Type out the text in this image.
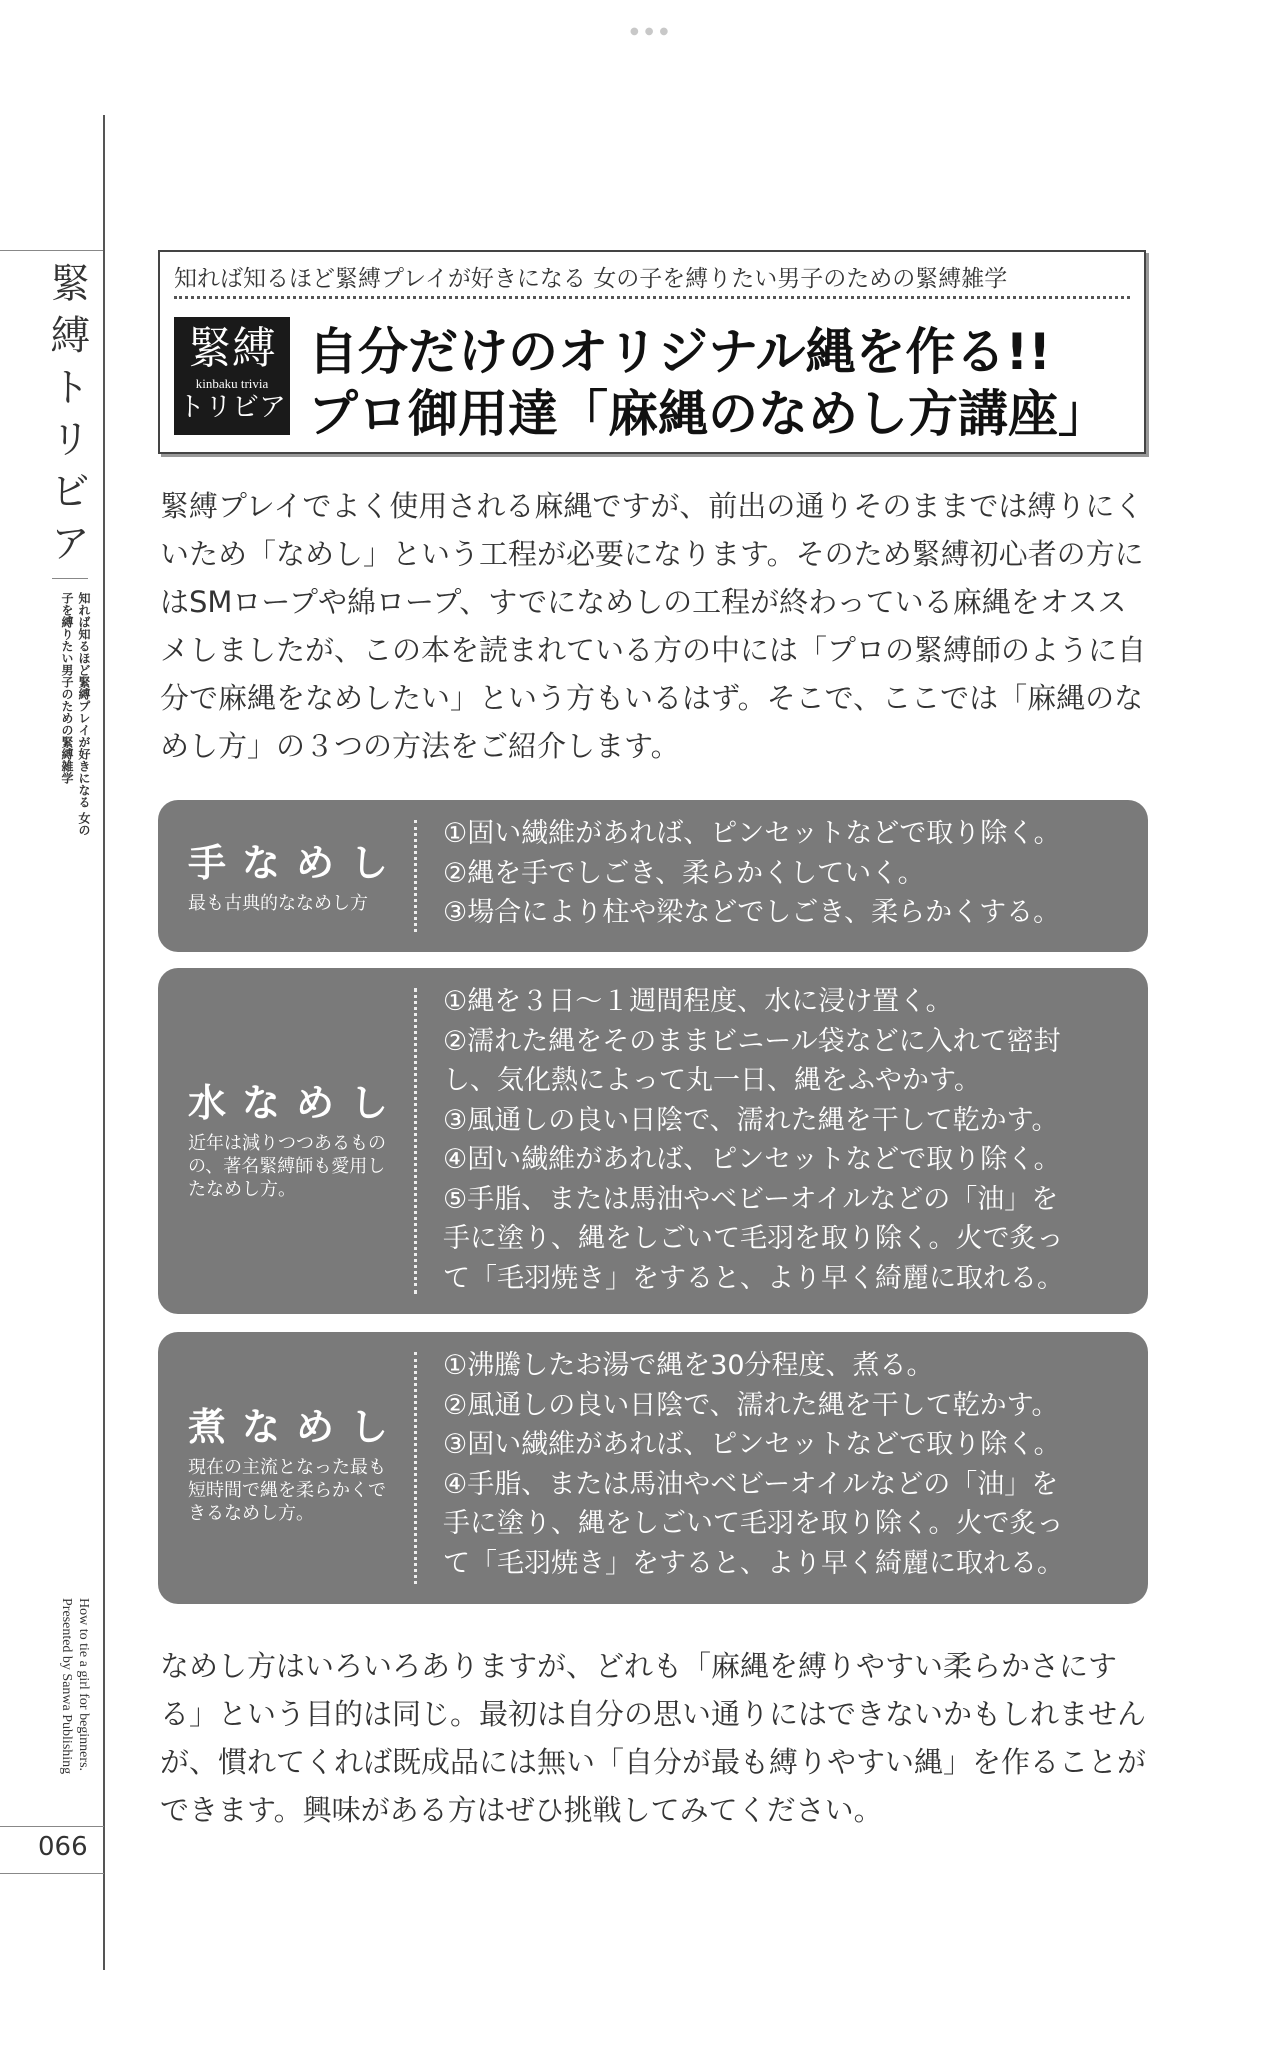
●●●
緊縛トリビア
知れば知るほど緊縛プレイが好きになる 女の子を縛りたい男子のための緊縛雑学
How to tie a girl for beginners. Presented by Sanwa Publishing
066
知れば知るほど緊縛プレイが好きになる 女の子を縛りたい男子のための緊縛雑学
緊縛
kinbaku trivia
トリビア
自分だけのオリジナル縄を作る!!
プロ御用達「麻縄のなめし方講座」
緊縛プレイでよく使用される麻縄ですが、前出の通りそのままでは縛りにくいため「なめし」という工程が必要になります。そのため緊縛初心者の方にはSMロープや綿ロープ、すでになめしの工程が終わっている麻縄をオススメしましたが、この本を読まれている方の中には「プロの緊縛師のように自分で麻縄をなめしたい」という方もいるはず。そこで、ここでは「麻縄のなめし方」の３つの方法をご紹介します。
手なめし
最も古典的ななめし方
①固い繊維があれば、ピンセットなどで取り除く。
②縄を手でしごき、柔らかくしていく。
③場合により柱や梁などでしごき、柔らかくする。
水なめし
近年は減りつつあるものの、著名緊縛師も愛用したなめし方。
①縄を３日〜１週間程度、水に浸け置く。
②濡れた縄をそのままビニール袋などに入れて密封
し、気化熱によって丸一日、縄をふやかす。
③風通しの良い日陰で、濡れた縄を干して乾かす。
④固い繊維があれば、ピンセットなどで取り除く。
⑤手脂、または馬油やベビーオイルなどの「油」を
手に塗り、縄をしごいて毛羽を取り除く。火で炙っ
て「毛羽焼き」をすると、より早く綺麗に取れる。
煮なめし
現在の主流となった最も短時間で縄を柔らかくできるなめし方。
①沸騰したお湯で縄を30分程度、煮る。
②風通しの良い日陰で、濡れた縄を干して乾かす。
③固い繊維があれば、ピンセットなどで取り除く。
④手脂、または馬油やベビーオイルなどの「油」を
手に塗り、縄をしごいて毛羽を取り除く。火で炙っ
て「毛羽焼き」をすると、より早く綺麗に取れる。
なめし方はいろいろありますが、どれも「麻縄を縛りやすい柔らかさにする」という目的は同じ。最初は自分の思い通りにはできないかもしれませんが、慣れてくれば既成品には無い「自分が最も縛りやすい縄」を作ることができます。興味がある方はぜひ挑戦してみてください。
